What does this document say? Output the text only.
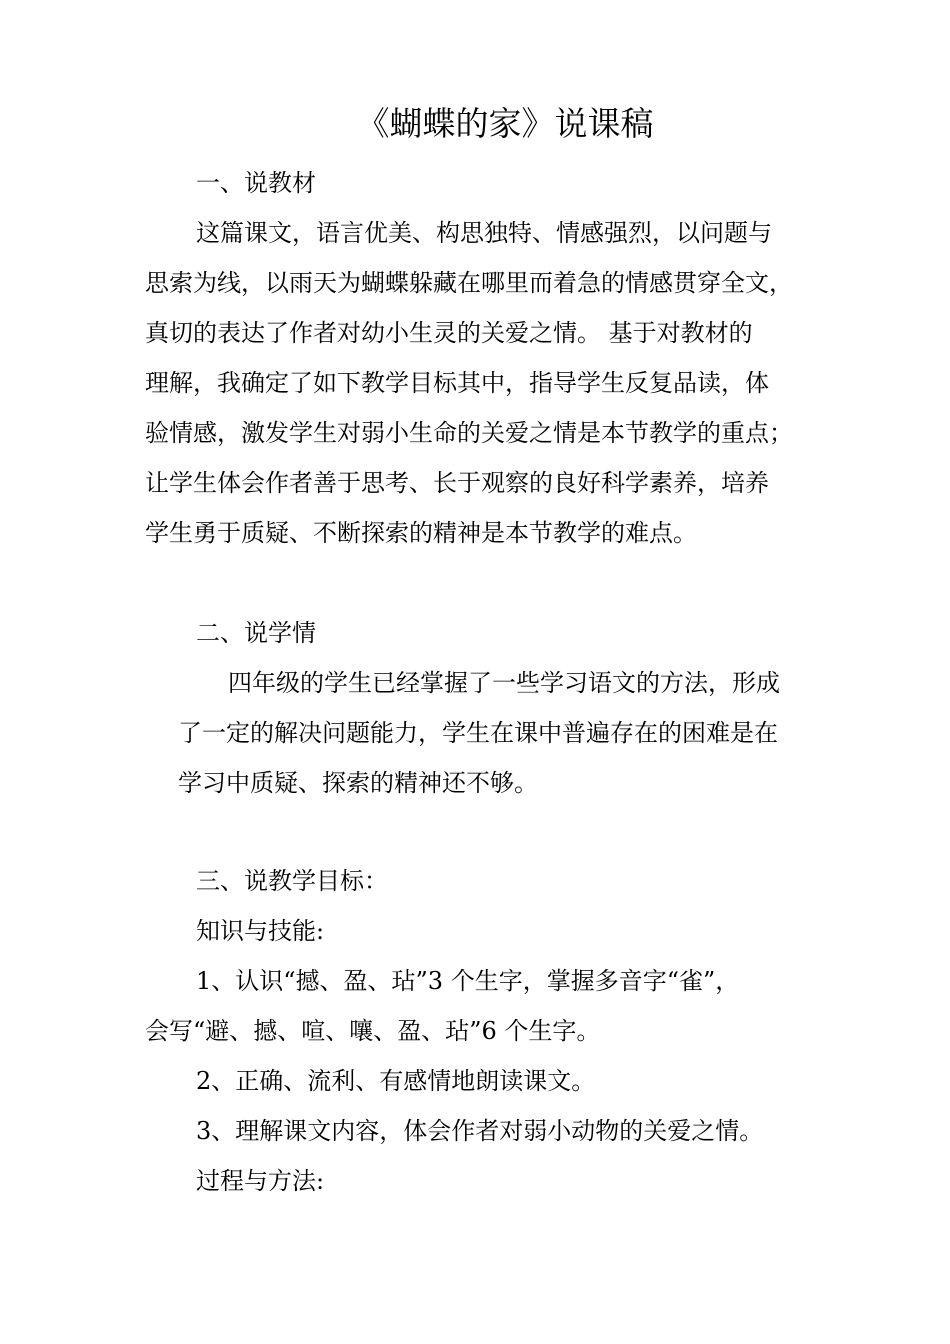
《蝴蝶的家》说课稿
一、说教材
这篇课文，语言优美、构思独特、情感强烈，以问题与
思索为线，以雨天为蝴蝶躲藏在哪里而着急的情感贯穿全文，
真切的表达了作者对幼小生灵的关爱之情。 基于对教材的
理解，我确定了如下教学目标其中，指导学生反复品读，体
验情感，激发学生对弱小生命的关爱之情是本节教学的重点；
让学生体会作者善于思考、长于观察的良好科学素养，培养
学生勇于质疑、不断探索的精神是本节教学的难点。
二、说学情
四年级的学生已经掌握了一些学习语文的方法，形成
了一定的解决问题能力，学生在课中普遍存在的困难是在
学习中质疑、探索的精神还不够。
三、说教学目标：
知识与技能:
1、认识“撼、盈、玷”3 个生字，掌握多音字“雀”，
会写“避、撼、喧、嚷、盈、玷”6 个生字。
2、正确、流利、有感情地朗读课文。
3、理解课文内容，体会作者对弱小动物的关爱之情。
过程与方法:
